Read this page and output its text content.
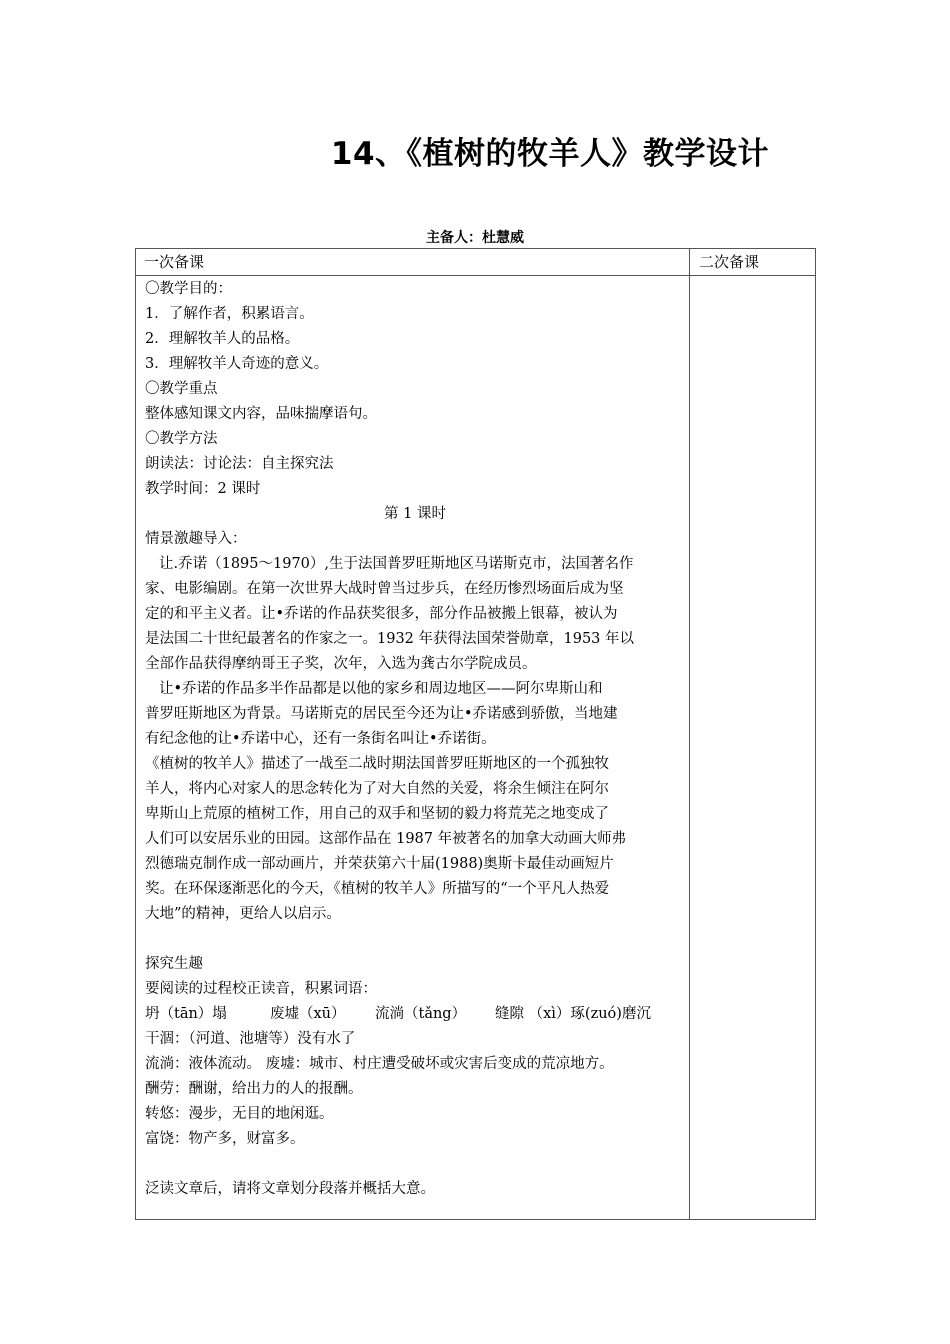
14、《植树的牧羊人》教学设计
主备人：杜慧威
一次备课	二次备课

〇教学目的：

1．了解作者，积累语言。

2．理解牧羊人的品格。

3．理解牧羊人奇迹的意义。

〇教学重点

整体感知课文内容，品味揣摩语句。

〇教学方法

朗读法：讨论法：自主探究法

教学时间：2 课时

第 1 课时

情景激趣导入：

让.乔诺（1895～1970）,生于法国普罗旺斯地区马诺斯克市，法国著名作

家、电影编剧。在第一次世界大战时曾当过步兵，在经历惨烈场面后成为坚

定的和平主义者。让•乔诺的作品获奖很多，部分作品被搬上银幕，被认为

是法国二十世纪最著名的作家之一。1932 年获得法国荣誉勋章，1953 年以

全部作品获得摩纳哥王子奖，次年，入选为龚古尔学院成员。

让•乔诺的作品多半作品都是以他的家乡和周边地区——阿尔卑斯山和

普罗旺斯地区为背景。马诺斯克的居民至今还为让•乔诺感到骄傲，当地建

有纪念他的让•乔诺中心，还有一条街名叫让•乔诺街。

《植树的牧羊人》描述了一战至二战时期法国普罗旺斯地区的一个孤独牧

羊人，将内心对家人的思念转化为了对大自然的关爱，将余生倾注在阿尔

卑斯山上荒原的植树工作，用自己的双手和坚韧的毅力将荒芜之地变成了

人们可以安居乐业的田园。这部作品在 1987 年被著名的加拿大动画大师弗

烈德瑞克制作成一部动画片，并荣获第六十届(1988)奥斯卡最佳动画短片

奖。在环保逐渐恶化的今天，《植树的牧羊人》所描写的“一个平凡人热爱

大地”的精神，更给人以启示。

探究生趣

要阅读的过程校正读音，积累词语：

坍（tān）塌	废墟（xū） 流淌（tǎng） 缝隙 （xì）琢(zuó)磨沉

干涸：（河道、池塘等）没有水了

流淌：液体流动。 废墟：城市、村庄遭受破坏或灾害后变成的荒凉地方。

酬劳：酬谢，给出力的人的报酬。

转悠：漫步，无目的地闲逛。

富饶：物产多，财富多。

泛读文章后，请将文章划分段落并概括大意。
